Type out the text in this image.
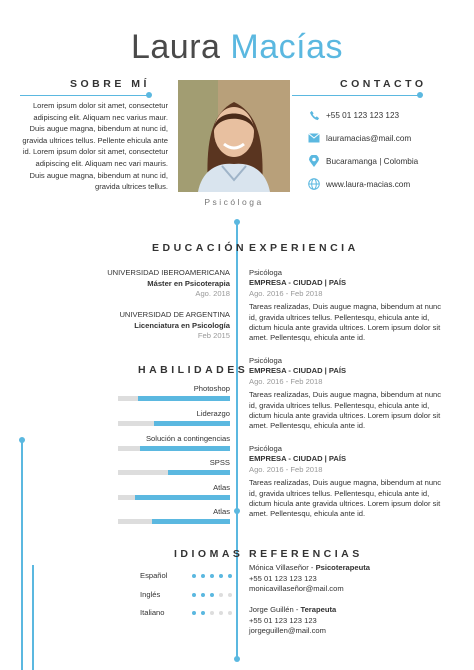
Laura Macías
SOBRE MÍ	CONTACTO
Lorem ipsum dolor sit amet, consectetur adipiscing elit. Aliquam nec varius maur. Duis augue magna, bibendum at nunc id, gravida ultrices tellus. Pellente ehicula ante id. Lorem ipsum dolor sit amet, consectetur adipiscing elit. Aliquam nec vari mauris. Duis augue magna, bibendum at nunc id, gravida ultrices tellus.
Psicóloga
+55 01 123 123 123
lauramacias@mail.com
Bucaramanga | Colombia
www.laura-macias.com
EDUCACIÓN
UNIVERSIDAD IBEROAMERICANA
Máster en Psicoterapia
Ago. 2018
UNIVERSIDAD DE ARGENTINA
Licenciatura en Psicología
Feb 2015
EXPERIENCIA
Psicóloga
EMPRESA - CIUDAD | PAÍS
Ago. 2016 - Feb 2018
Tareas realizadas, Duis augue magna, bibendum at nunc id, gravida ultrices tellus. Pellentesqu, ehicula ante id, dictum hicula ante gravida ultrices. Lorem ipsum dolor sit amet. Pellentesqu, ehicula ante id.
Psicóloga
EMPRESA - CIUDAD | PAÍS
Ago. 2016 - Feb 2018
Tareas realizadas, Duis augue magna, bibendum at nunc id, gravida ultrices tellus. Pellentesqu, ehicula ante id, dictum hicula ante gravida ultrices. Lorem ipsum dolor sit amet. Pellentesqu, ehicula ante id.
Psicóloga
EMPRESA - CIUDAD | PAÍS
Ago. 2016 - Feb 2018
Tareas realizadas, Duis augue magna, bibendum at nunc id, gravida ultrices tellus. Pellentesqu, ehicula ante id, dictum hicula ante gravida ultrices. Lorem ipsum dolor sit amet. Pellentesqu, ehicula ante id.
HABILIDADES
Photoshop
Liderazgo
Solución a contingencias
SPSS
Atlas
Atlas
IDIOMAS
Español
Inglés
Italiano
REFERENCIAS
Mónica Villaseñor - Psicoterapeuta
+55 01 123 123 123
monicavillaseñor@mail.com
Jorge Guillén - Terapeuta
+55 01 123 123 123
jorgeguillen@mail.com
